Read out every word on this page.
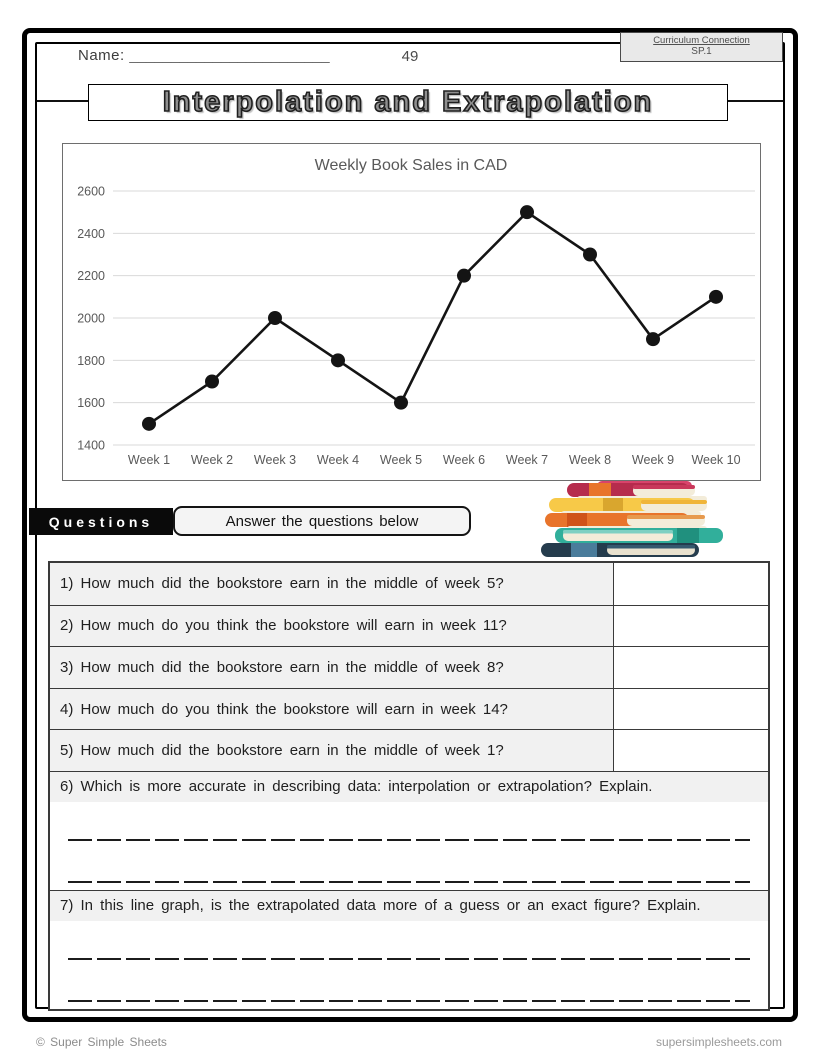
Name: ________________________	49
Curriculum Connection
SP.1
Interpolation and Extrapolation
Weekly Book Sales in CAD
1400
1600
1800
2000
2200
2400
2600
Week 1 Week 2 Week 3 Week 4 Week 5 Week 6 Week 7 Week 8 Week 9 Week 10
Questions	Answer the questions below
1) How much did the bookstore earn in the middle of week 5?
2) How much do you think the bookstore will earn in week 11?
3) How much did the bookstore earn in the middle of week 8?
4) How much do you think the bookstore will earn in week 14?
5) How much did the bookstore earn in the middle of week 1?
6) Which is more accurate in describing data: interpolation or extrapolation? Explain.
7) In this line graph, is the extrapolated data more of a guess or an exact figure? Explain.
© Super Simple Sheets	supersimplesheets.com
